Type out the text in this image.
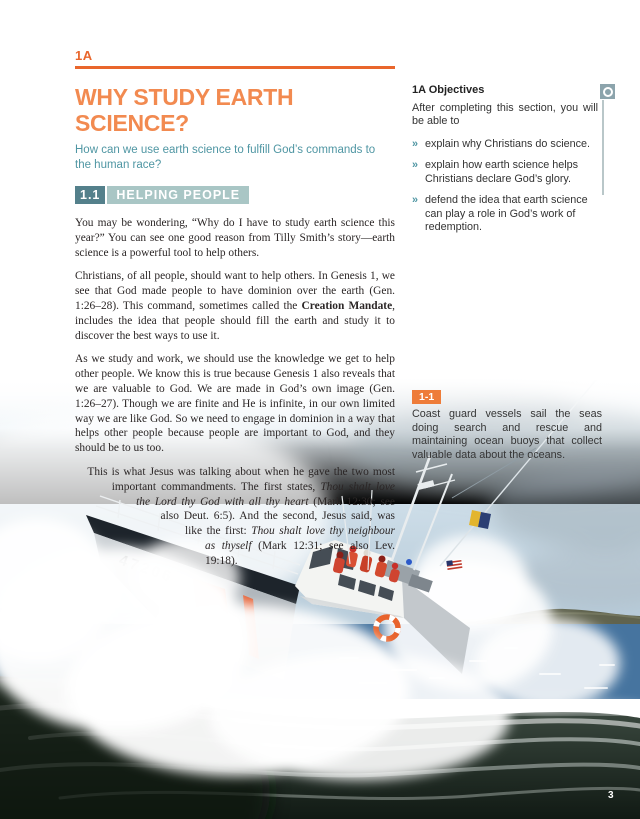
1A
WHY STUDY EARTH SCIENCE?

How can we use earth science to fulfill God’s commands to the human race?

1.1	HELPING PEOPLE

You may be wondering, “Why do I have to study earth science this year?” You can see one good reason from Tilly Smith’s story—earth science is a powerful tool to help others.

Christians, of all people, should want to help others. In Genesis 1, we see that God made people to have dominion over the earth (Gen. 1:26–28). This command, sometimes called the Creation Mandate, includes the idea that people should fill the earth and study it to discover the best ways to use it.

As we study and work, we should use the knowledge we get to help other people. We know this is true because Genesis 1 also reveals that we are valuable to God. We are made in God’s own image (Gen. 1:26–27). Though we are finite and He is infinite, in our own limited way we are like God. So we need to engage in dominion in a way that helps other people because people are important to God, and they should be to us too.

This is what Jesus was talking about when he gave the two most important commandments. The first states, Thou shalt love the Lord thy God with all thy heart (Mark 12:30; see also Deut. 6:5). And the second, Jesus said, was like the first: Thou shalt love thy neighbour as thyself (Mark 12:31; see also Lev. 19:18).

1A Objectives

After completing this section, you will be able to

» explain why Christians do science.
» explain how earth science helps Christians declare God’s glory.
» defend the idea that earth science can play a role in God’s work of redemption.
1-1

Coast guard vessels sail the seas doing search and rescue and maintaining ocean buoys that collect valuable data about the oceans.

3
